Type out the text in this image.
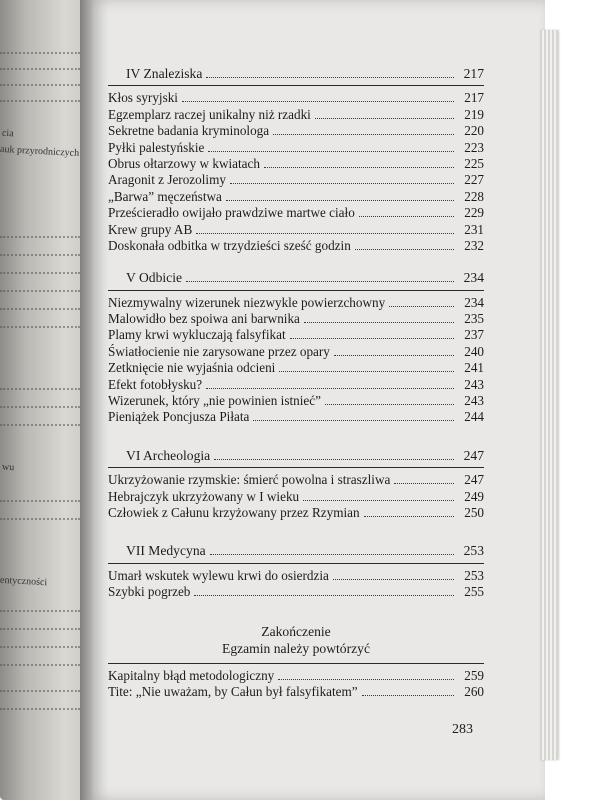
cia
auk przyrodniczych
wu
entyczności
IV Znaleziska	217
Kłos syryjski	217
Egzemplarz raczej unikalny niż rzadki	219
Sekretne badania kryminologa	220
Pyłki palestyńskie	223
Obrus ołtarzowy w kwiatach	225
Aragonit z Jerozolimy	227
„Barwa” męczeństwa	228
Prześcieradło owijało prawdziwe martwe ciało	229
Krew grupy AB	231
Doskonała odbitka w trzydzieści sześć godzin	232
V Odbicie	234
Niezmywalny wizerunek niezwykle powierzchowny	234
Malowidło bez spoiwa ani barwnika	235
Plamy krwi wykluczają falsyfikat	237
Światłocienie nie zarysowane przez opary	240
Zetknięcie nie wyjaśnia odcieni	241
Efekt fotobłysku?	243
Wizerunek, który „nie powinien istnieć”	243
Pieniążek Poncjusza Piłata	244
VI Archeologia	247
Ukrzyżowanie rzymskie: śmierć powolna i straszliwa	247
Hebrajczyk ukrzyżowany w I wieku	249
Człowiek z Całunu krzyżowany przez Rzymian	250
VII Medycyna	253
Umarł wskutek wylewu krwi do osierdzia	253
Szybki pogrzeb	255
Zakończenie
Egzamin należy powtórzyć
Kapitalny błąd metodologiczny	259
Tite: „Nie uważam, by Całun był falsyfikatem”	260
283
